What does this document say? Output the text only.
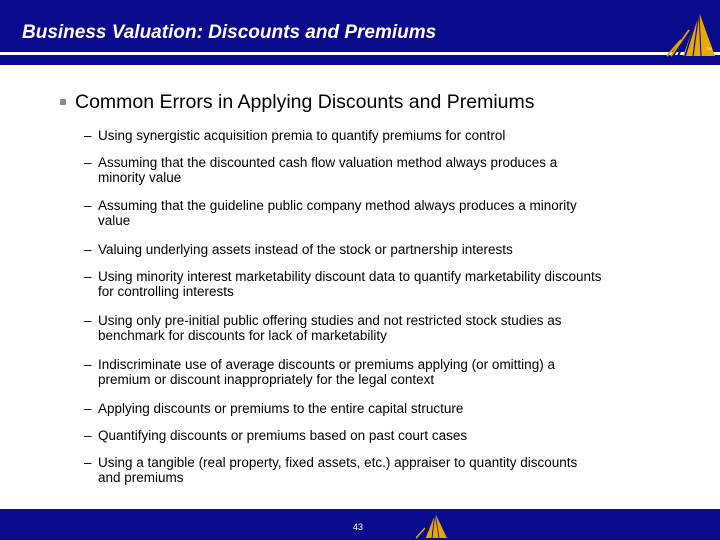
Business Valuation: Discounts and Premiums
TM
Common Errors in Applying Discounts and Premiums
– Using synergistic acquisition premia to quantify premiums for control
– Assuming that the discounted cash flow valuation method always produces a
minority value
– Assuming that the guideline public company method always produces a minority
value
– Valuing underlying assets instead of the stock or partnership interests
– Using minority interest marketability discount data to quantify marketability discounts
for controlling interests
– Using only pre-initial public offering studies and not restricted stock studies as
benchmark for discounts for lack of marketability
– Indiscriminate use of average discounts or premiums applying (or omitting) a
premium or discount inappropriately for the legal context
– Applying discounts or premiums to the entire capital structure
– Quantifying discounts or premiums based on past court cases
– Using a tangible (real property, fixed assets, etc.) appraiser to quantity discounts
and premiums
43
